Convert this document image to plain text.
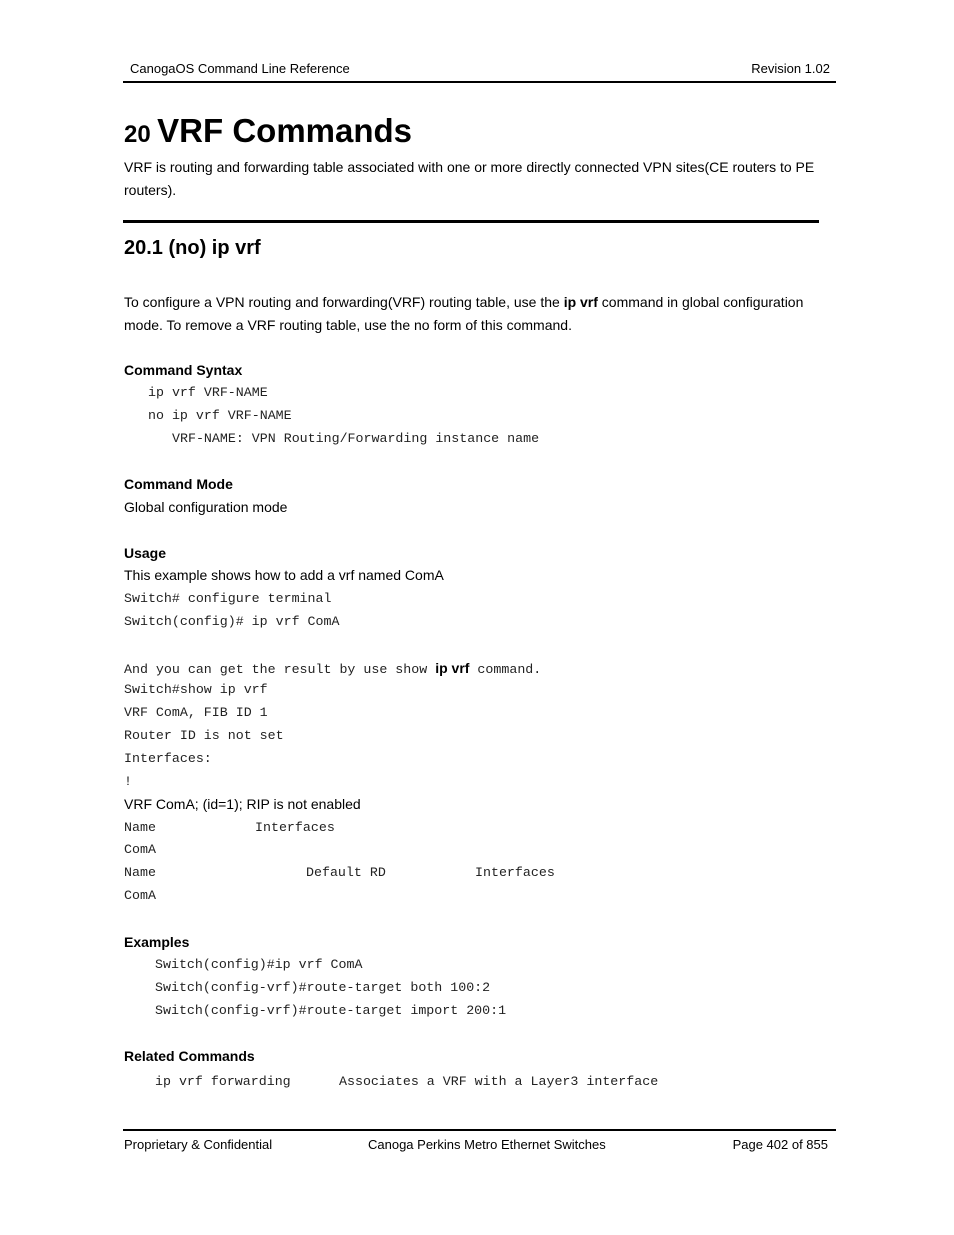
CanogaOS Command Line Reference	Revision 1.02
20 VRF Commands
VRF is routing and forwarding table associated with one or more directly connected VPN sites(CE routers to PE routers).
20.1 (no) ip vrf
To configure a VPN routing and forwarding(VRF) routing table, use the ip vrf command in global configuration mode. To remove a VRF routing table, use the no form of this command.
Command Syntax
ip vrf VRF-NAME
no ip vrf VRF-NAME
VRF-NAME: VPN Routing/Forwarding instance name
Command Mode
Global configuration mode
Usage
This example shows how to add a vrf named ComA
Switch# configure terminal
Switch(config)# ip vrf ComA
And you can get the result by use show ip vrf command.
Switch#show ip vrf
VRF ComA, FIB ID 1
Router ID is not set
Interfaces:
!
VRF ComA; (id=1); RIP is not enabled
Name	Interfaces
ComA
Name	Default RD	Interfaces
ComA
Examples
Switch(config)#ip vrf ComA
Switch(config-vrf)#route-target both 100:2
Switch(config-vrf)#route-target import 200:1
Related Commands
ip vrf forwarding	Associates a VRF with a Layer3 interface
Proprietary & Confidential	Canoga Perkins Metro Ethernet Switches	Page 402 of 855
